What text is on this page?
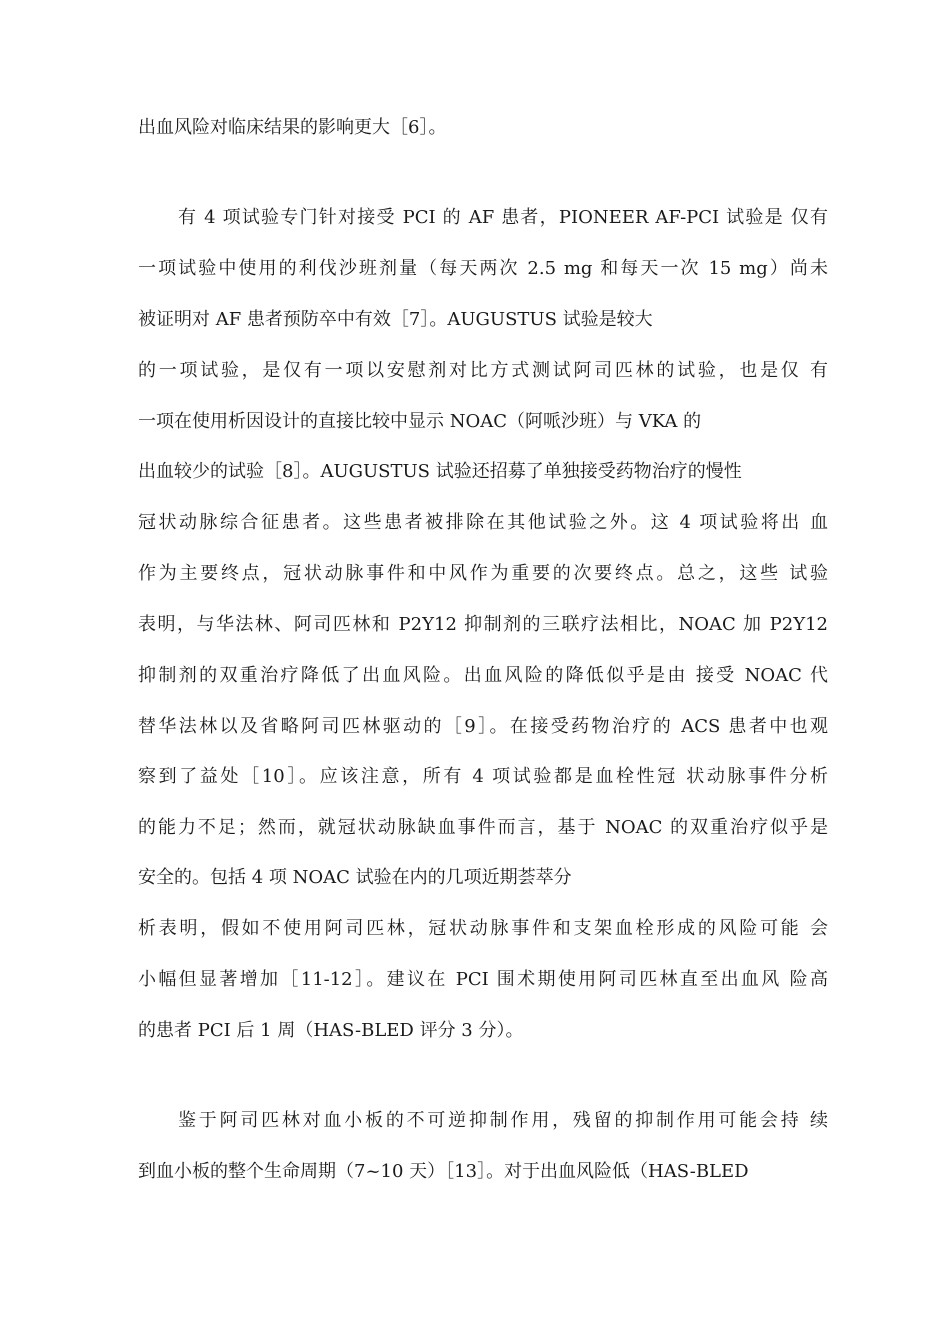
出血风险对临床结果的影响更大［6］。

有 4 项试验专门针对接受 PCI 的 AF 患者，PIONEER AF-PCI 试验是 仅有

一项试验中使用的利伐沙班剂量（每天两次 2.5 mg 和每天一次 15 mg）尚未

被证明对 AF 患者预防卒中有效［7］。AUGUSTUS 试验是较大

的一项试验，是仅有一项以安慰剂对比方式测试阿司匹林的试验，也是仅 有

一项在使用析因设计的直接比较中显示 NOAC（阿哌沙班）与 VKA 的

出血较少的试验［8］。AUGUSTUS 试验还招募了单独接受药物治疗的慢性

冠状动脉综合征患者。这些患者被排除在其他试验之外。这 4 项试验将出 血

作为主要终点，冠状动脉事件和中风作为重要的次要终点。总之，这些 试验

表明，与华法林、阿司匹林和 P2Y12 抑制剂的三联疗法相比，NOAC 加 P2Y12

抑制剂的双重治疗降低了出血风险。出血风险的降低似乎是由 接受 NOAC 代

替华法林以及省略阿司匹林驱动的［9］。在接受药物治疗的 ACS 患者中也观

察到了益处［10］。应该注意，所有 4 项试验都是血栓性冠 状动脉事件分析

的能力不足；然而，就冠状动脉缺血事件而言，基于 NOAC 的双重治疗似乎是

安全的。包括 4 项 NOAC 试验在内的几项近期荟萃分

析表明，假如不使用阿司匹林，冠状动脉事件和支架血栓形成的风险可能 会

小幅但显著增加［11-12］。建议在 PCI 围术期使用阿司匹林直至出血风 险高

的患者 PCI 后 1 周（HAS-BLED 评分 3 分）。

鉴于阿司匹林对血小板的不可逆抑制作用，残留的抑制作用可能会持 续

到血小板的整个生命周期（7~10 天）［13］。对于出血风险低（HAS-BLED
